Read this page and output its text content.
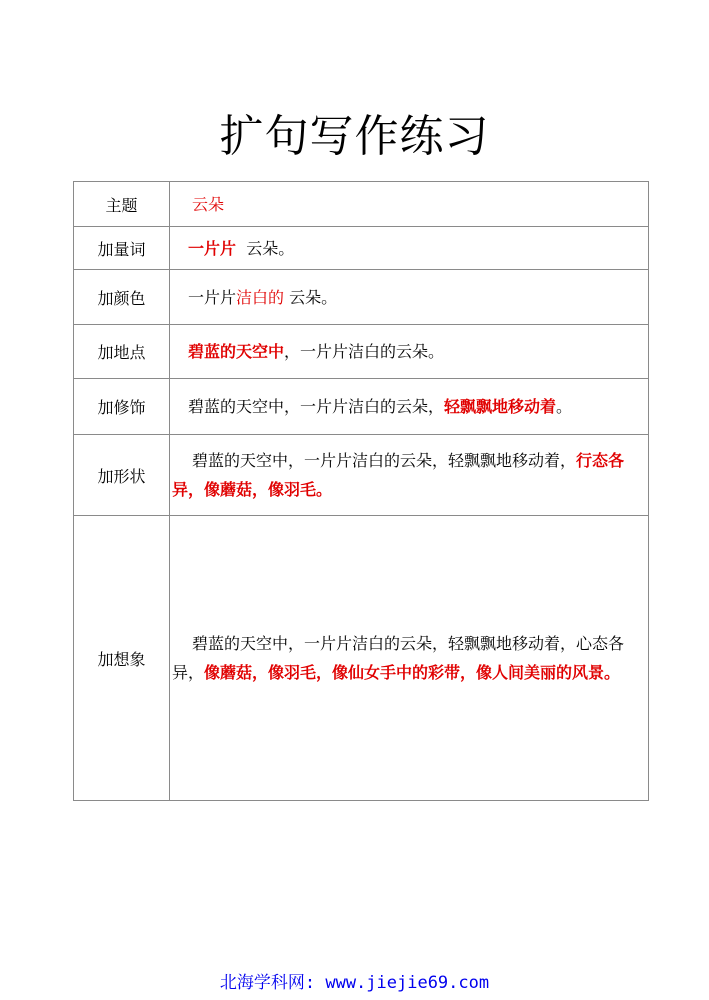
扩句写作练习
主题	云朵
加量词	一片片  云朵。
加颜色	一片片洁白的 云朵。
加地点	碧蓝的天空中，一片片洁白的云朵。
加修饰	碧蓝的天空中，一片片洁白的云朵，轻飘飘地移动着。
加形状	碧蓝的天空中，一片片洁白的云朵，轻飘飘地移动着，行态各异，像蘑菇，像羽毛。
加想象	碧蓝的天空中，一片片洁白的云朵，轻飘飘地移动着，心态各异，像蘑菇，像羽毛，像仙女手中的彩带，像人间美丽的风景。
北海学科网: www.jiejie69.com
